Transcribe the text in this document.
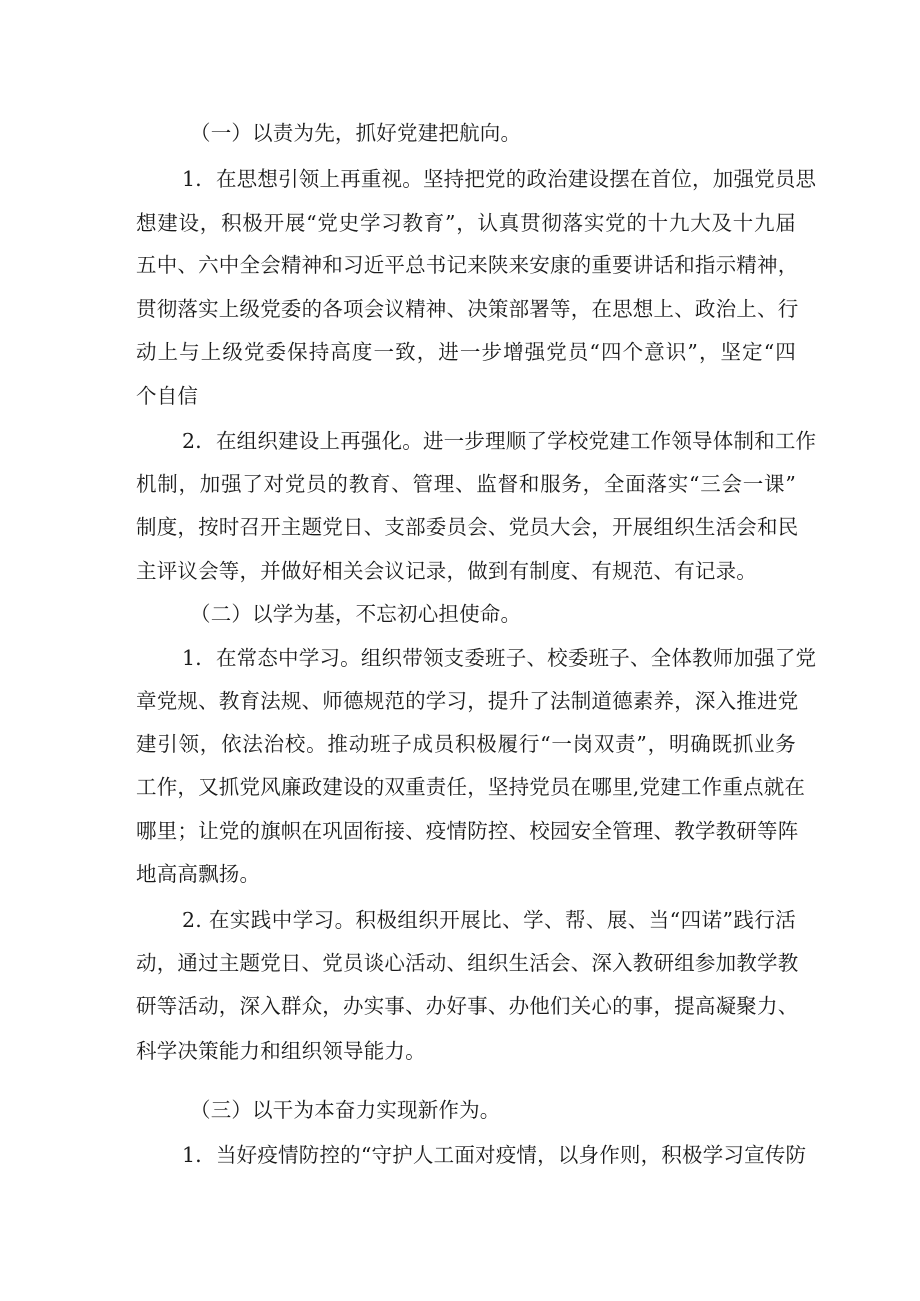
（一）以责为先，抓好党建把航向。
1．在思想引领上再重视。坚持把党的政治建设摆在首位，加强党员思
想建设，积极开展“党史学习教育”，认真贯彻落实党的十九大及十九届
五中、六中全会精神和习近平总书记来陕来安康的重要讲话和指示精神，
贯彻落实上级党委的各项会议精神、决策部署等，在思想上、政治上、行
动上与上级党委保持高度一致，进一步增强党员“四个意识”，坚定“四
个自信
2．在组织建设上再强化。进一步理顺了学校党建工作领导体制和工作
机制，加强了对党员的教育、管理、监督和服务，全面落实“三会一课”
制度，按时召开主题党日、支部委员会、党员大会，开展组织生活会和民
主评议会等，并做好相关会议记录，做到有制度、有规范、有记录。
（二）以学为基，不忘初心担使命。
1．在常态中学习。组织带领支委班子、校委班子、全体教师加强了党
章党规、教育法规、师德规范的学习，提升了法制道德素养，深入推进党
建引领，依法治校。推动班子成员积极履行“一岗双责”，明确既抓业务
工作，又抓党风廉政建设的双重责任，坚持党员在哪里,党建工作重点就在
哪里；让党的旗帜在巩固衔接、疫情防控、校园安全管理、教学教研等阵
地高高飘扬。
2. 在实践中学习。积极组织开展比、学、帮、展、当“四诺”践行活
动，通过主题党日、党员谈心活动、组织生活会、深入教研组参加教学教
研等活动，深入群众，办实事、办好事、办他们关心的事，提高凝聚力、
科学决策能力和组织领导能力。
（三）以干为本奋力实现新作为。
1．当好疫情防控的“守护人工面对疫情，以身作则，积极学习宣传防
